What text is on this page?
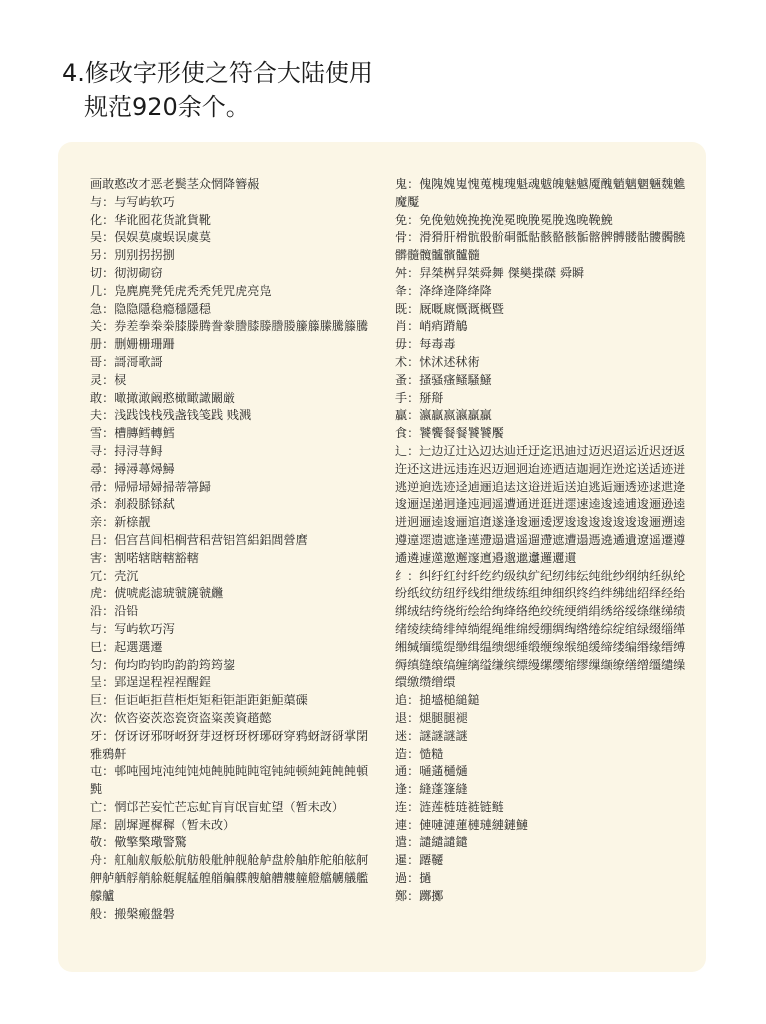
4.修改字形使之符合大陆使用
规范920余个。
画敢憨改才恶老鬓茎众惘降簪赧
与：与写屿软巧
化：华讹囮花货訛貨靴
吴：俣娱莫虞蜈误虞莫
另：別别拐拐捌
切：彻沏砌窃
几：凫麂麂凳凭虎秃秃凭咒虎亮凫
急：隐隐隱稳瘾穩隱穏
关：券差拳桊桊膝滕腾誊豢謄膝滕謄媵籘籐縢騰籐騰
册：删姗栅珊跚
哥：謌滒歌謌
灵：棂
敢：噉撖澉阚憨橄瞰譀闞厳
夫：浅践饯栈残盏钱笺践 贱溅
雪：槽膞鳕轉鱈
寻：挦浔荨鲟
尋：撏潯蕁燖鱘
帚：帰帰埽婦掃蒂箒歸
杀：刹殺脎铩弑
亲：新榇靓
吕：侣宫莒闾梠榈营稆营铝筥絽鋁閭營麿
害：割喏辖瞎轄豁轄
冗：壳沉
虎：俿唬彪滤琥虢篪虢虪
沿：沿铅
与：写屿软巧泻
巳：起選選遷
匀：佝均昀钧昀韵韵筠筠鋆
呈：郢逞逞程裎裎醒鋥
巨：佢讵岠拒苣柜炬矩秬钜詎距鉅鮔蕖磲
次：佽咨姿茨恣瓷资盗粢羡資趦懿
牙：伢讶讶邪呀岈犽芽迓枒玡枒琊砑穿鸦蚜訝谺掌閉雅鴉鼾
屯：邨吨囤坉沌纯饨炖飩肫盹盹窀钝純顿純鈍飩飩頓黗
亡：惘邙芒妄忙芒忘虻肓肓氓盲虻望（暂未改）
犀：剧墀遲樨穉（暂未改）
敬：儆擎檠璥警驚
舟：舡舢舣舨舩航舫般舭舯舰舱舻盘舲舳舴舵舶舷舸舺舻舾艀艄艅艇艉艋艎艏艑艓艘艙艚艛艟艠艡艣艤艦艨艫
般：搬槃瘢盤磐
鬼：傀隗媿嵬愧蒐槐瑰魁魂魃魄魅魆魇醜魈魑魍魎魏魋魔魘
免：免俛勉娩挽挽浼冕晚脕冕脕逸晚鞔鮸
骨：滑猾肝榾骯骰骱硐骶骷骸骼骸骺髂髀髆髅骷髏髑髐髒髓髖髗髕髗髓
舛：舁桀桝舁桀舜舞 傑奱揲磔 舜瞬
夅：洚绛逄降绛降
既：厩嘅廐慨溉概暨
肖：峭痟蹐鵤
毋：每毒毒
术：怵沭述秫術
蚤：搔骚瘙鳋騷鰠
手：掰搿
贏：瀛贏嬴瀛贏贏
食：饕饗餐餐饕饕饜
辶：辷边辽辻込辺达辿迁迂迄迅迪过迈迟迢运近迟迓返迕还这进远违连迟迈迴迥迨迹迺迼迦迵迮迯迱送适迹迸逃逆逈选迹迳逌逦追迲这逧迸逅送迫逃逅逦透迹逑迣逄逡逦逞递迥逢迍迵遥遭通迸逛迸遝速逵逡逵逋逡逦逊逵迸迥逦逵逡逦逭遀遂逢逡逦逶逻逡逡逡逡逡逡逡逦遡逵遵遧遝遗遮逢遳遰遢遣遥遛遰遮遭遢遤遶遹遺遼遥遷遵遹遴遽遾邀邂邃邅邉邈邋邍邏邐遦
纟：纠纡红纣纤纥约级纨纩纪纫纬纭纯纰纱纲纳纴纵纶纷纸纹纺纽纾线绀绁绂练组绅细织终绉绊绋绌绍绎经绐绑绒结绔绕绗绘给绚绛络绝绞统绠绡绢绣绤绥绦继绨绩绪绫续绮绯绰绱绲绳维绵绶绷绸绹绺绻综绽绾绿缀缁缂缃缄缅缆缇缈缉缊缋缌缍缎缏缐缑缒缓缔缕编缗缘缙缚缛缜缝缞缟缠缡缢缣缤缥缦缧缨缩缪缫缬缭缮缯缰缱缲缳缴缵缯缳
追：搥墭槌縋鎚
退：煺腿腿褪
迷：謎謎謎謎
造：慥糙
通：嗵蓪樋熥
逢：縫蓬篷縫
连：涟莲梿琏裢链鲢
連：僆嗹漣蓮槤璉縺鏈鰱
遣：譴繾譴鑓
暹：蹮韆
過：撾
鄭：躑擲
